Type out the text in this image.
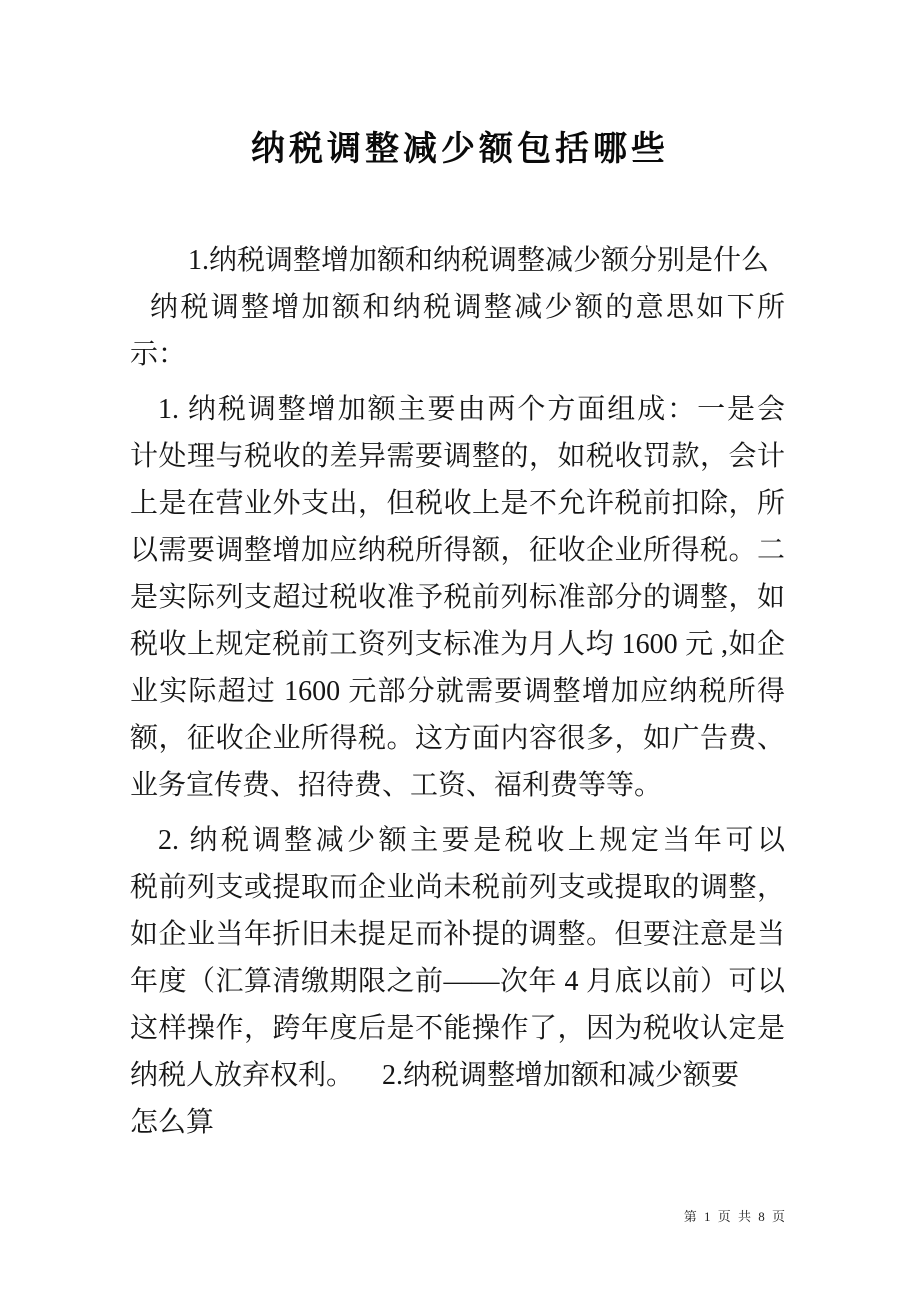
纳税调整减少额包括哪些
1.纳税调整增加额和纳税调整减少额分别是什么
纳税调整增加额和纳税调整减少额的意思如下所
示：
1. 纳税调整增加额主要由两个方面组成：一是会
计处理与税收的差异需要调整的，如税收罚款，会计
上是在营业外支出，但税收上是不允许税前扣除，所
以需要调整增加应纳税所得额，征收企业所得税。二
是实际列支超过税收准予税前列标准部分的调整，如
税收上规定税前工资列支标准为月人均 1600 元 ,如企
业实际超过 1600 元部分就需要调整增加应纳税所得
额，征收企业所得税。这方面内容很多，如广告费、
业务宣传费、招待费、工资、福利费等等。
2. 纳税调整减少额主要是税收上规定当年可以
税前列支或提取而企业尚未税前列支或提取的调整，
如企业当年折旧未提足而补提的调整。但要注意是当
年度（汇算清缴期限之前——次年 4 月底以前）可以
这样操作，跨年度后是不能操作了，因为税收认定是
纳税人放弃权利。    2.纳税调整增加额和减少额要
怎么算
第 1 页 共 8 页
